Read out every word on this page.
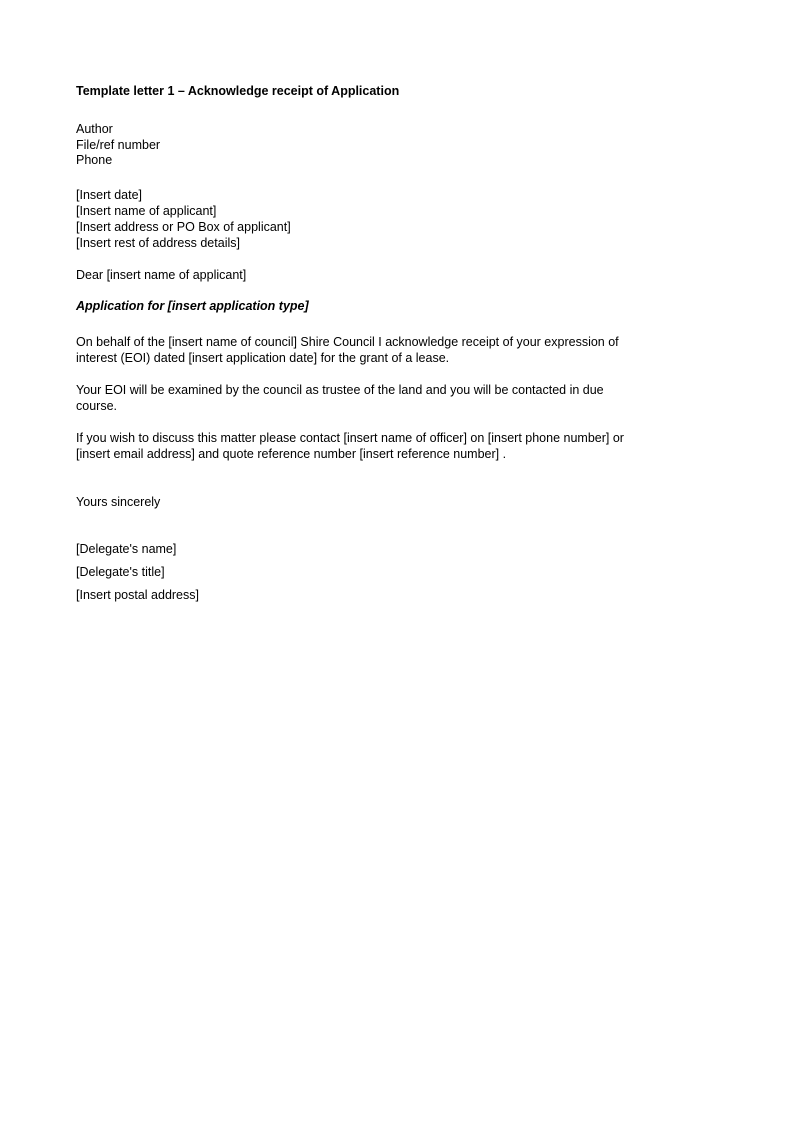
Template letter 1 – Acknowledge receipt of Application
Author
File/ref number
Phone
[Insert date]
[Insert name of applicant]
[Insert address or PO Box of applicant]
[Insert rest of address details]
Dear [insert name of applicant]
Application for [insert application type]
On behalf of the [insert name of council] Shire Council I acknowledge receipt of your expression of
interest (EOI) dated [insert application date] for the grant of a lease.
Your EOI will be examined by the council as trustee of the land and you will be contacted in due
course.
If you wish to discuss this matter please contact [insert name of officer] on [insert phone number] or
[insert email address] and quote reference number [insert reference number] .
Yours sincerely
[Delegate's name]
[Delegate's title]
[Insert postal address]
